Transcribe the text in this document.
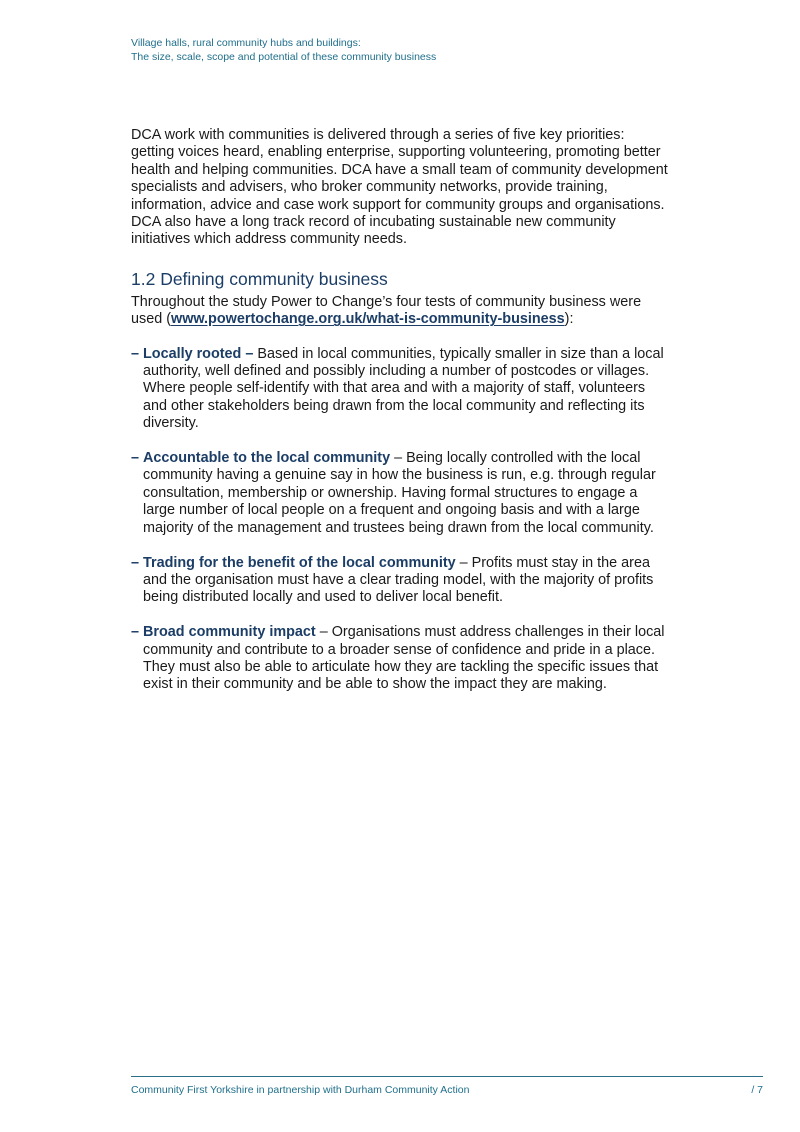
Village halls, rural community hubs and buildings:
The size, scale, scope and potential of these community business

DCA work with communities is delivered through a series of five key priorities: getting voices heard, enabling enterprise, supporting volunteering, promoting better health and helping communities. DCA have a small team of community development specialists and advisers, who broker community networks, provide training, information, advice and case work support for community groups and organisations. DCA also have a long track record of incubating sustainable new community initiatives which address community needs.

1.2 Defining community business

Throughout the study Power to Change’s four tests of community business were used (www.powertochange.org.uk/what-is-community-business):

– Locally rooted – Based in local communities, typically smaller in size than a local authority, well defined and possibly including a number of postcodes or villages. Where people self-identify with that area and with a majority of staff, volunteers and other stakeholders being drawn from the local community and reflecting its diversity.
– Accountable to the local community – Being locally controlled with the local community having a genuine say in how the business is run, e.g. through regular consultation, membership or ownership. Having formal structures to engage a large number of local people on a frequent and ongoing basis and with a large majority of the management and trustees being drawn from the local community.
– Trading for the benefit of the local community – Profits must stay in the area and the organisation must have a clear trading model, with the majority of profits being distributed locally and used to deliver local benefit.
– Broad community impact – Organisations must address challenges in their local community and contribute to a broader sense of confidence and pride in a place. They must also be able to articulate how they are tackling the specific issues that exist in their community and be able to show the impact they are making.
Community First Yorkshire in partnership with Durham Community Action	/ 7
